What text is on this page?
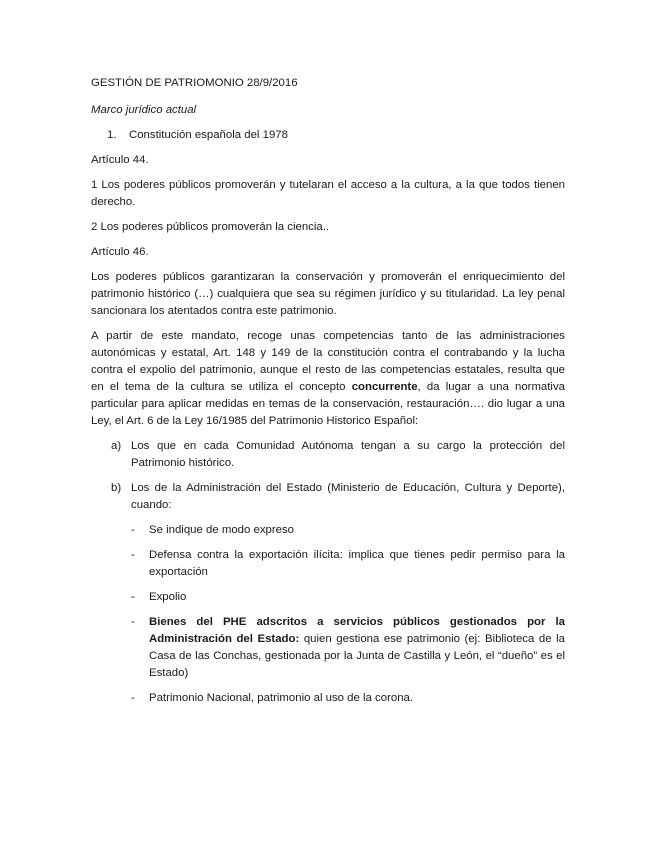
GESTIÓN DE PATRIOMONIO 28/9/2016

Marco jurídico actual

1.	Constitución española del 1978

Artículo 44.

1 Los poderes públicos promoverán y tutelaran el acceso a la cultura, a la que todos tienen derecho.

2 Los poderes públicos promoverán la ciencia..

Artículo 46.

Los poderes públicos garantizaran la conservación y promoverán el enriquecimiento del patrimonio histórico (…) cualquiera que sea su régimen jurídico y su titularidad. La ley penal sancionara los atentados contra este patrimonio.

A partir de este mandato, recoge unas competencias tanto de las administraciones autonómicas y estatal, Art. 148 y 149 de la constitución contra el contrabando y la lucha contra el expolio del patrimonio, aunque el resto de las competencias estatales, resulta que en el tema de la cultura se utiliza el concepto concurrente, da lugar a una normativa particular para aplicar medidas en temas de la conservación, restauración…. dio lugar a una Ley, el Art. 6 de la Ley 16/1985 del Patrimonio Historico Español:

a) Los que en cada Comunidad Autónoma tengan a su cargo la protección del Patrimonio histórico.
b) Los de la Administración del Estado (Ministerio de Educación, Cultura y Deporte), cuando:
-	Se indique de modo expreso
-	Defensa contra la exportación ilícita: implica que tienes pedir permiso para la exportación
-	Expolio
-	Bienes del PHE adscritos a servicios públicos gestionados por la Administración del Estado: quien gestiona ese patrimonio (ej: Biblioteca de la Casa de las Conchas, gestionada por la Junta de Castilla y León, el “dueño” es el Estado)
-	Patrimonio Nacional, patrimonio al uso de la corona.
